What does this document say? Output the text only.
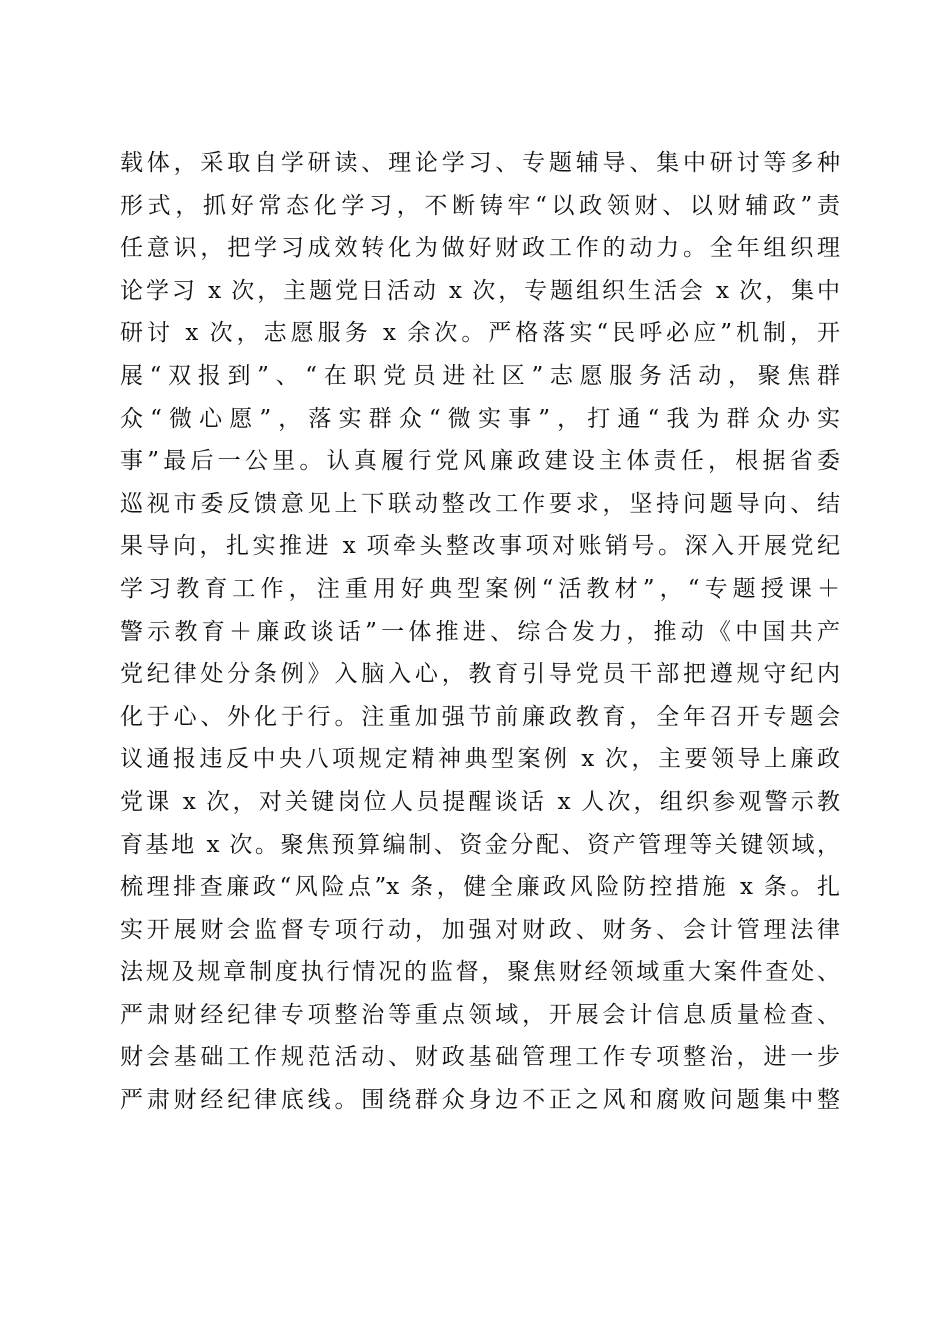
载体，采取自学研读、理论学习、专题辅导、集中研讨等多种
形式，抓好常态化学习，不断铸牢“以政领财、以财辅政”责
任意识，把学习成效转化为做好财政工作的动力。全年组织理
论学习 x 次，主题党日活动 x 次，专题组织生活会 x 次，集中
研讨 x 次，志愿服务 x 余次。严格落实“民呼必应”机制，开
展“双报到”、“在职党员进社区”志愿服务活动，聚焦群
众“微心愿”，落实群众“微实事”，打通“我为群众办实
事”最后一公里。认真履行党风廉政建设主体责任，根据省委
巡视市委反馈意见上下联动整改工作要求，坚持问题导向、结
果导向，扎实推进 x 项牵头整改事项对账销号。深入开展党纪
学习教育工作，注重用好典型案例“活教材”，“专题授课＋
警示教育＋廉政谈话”一体推进、综合发力，推动《中国共产
党纪律处分条例》入脑入心，教育引导党员干部把遵规守纪内
化于心、外化于行。注重加强节前廉政教育，全年召开专题会
议通报违反中央八项规定精神典型案例 x 次，主要领导上廉政
党课 x 次，对关键岗位人员提醒谈话 x 人次，组织参观警示教
育基地 x 次。聚焦预算编制、资金分配、资产管理等关键领域，
梳理排查廉政“风险点”x 条，健全廉政风险防控措施 x 条。扎
实开展财会监督专项行动，加强对财政、财务、会计管理法律
法规及规章制度执行情况的监督，聚焦财经领域重大案件查处、
严肃财经纪律专项整治等重点领域，开展会计信息质量检查、
财会基础工作规范活动、财政基础管理工作专项整治，进一步
严肃财经纪律底线。围绕群众身边不正之风和腐败问题集中整
